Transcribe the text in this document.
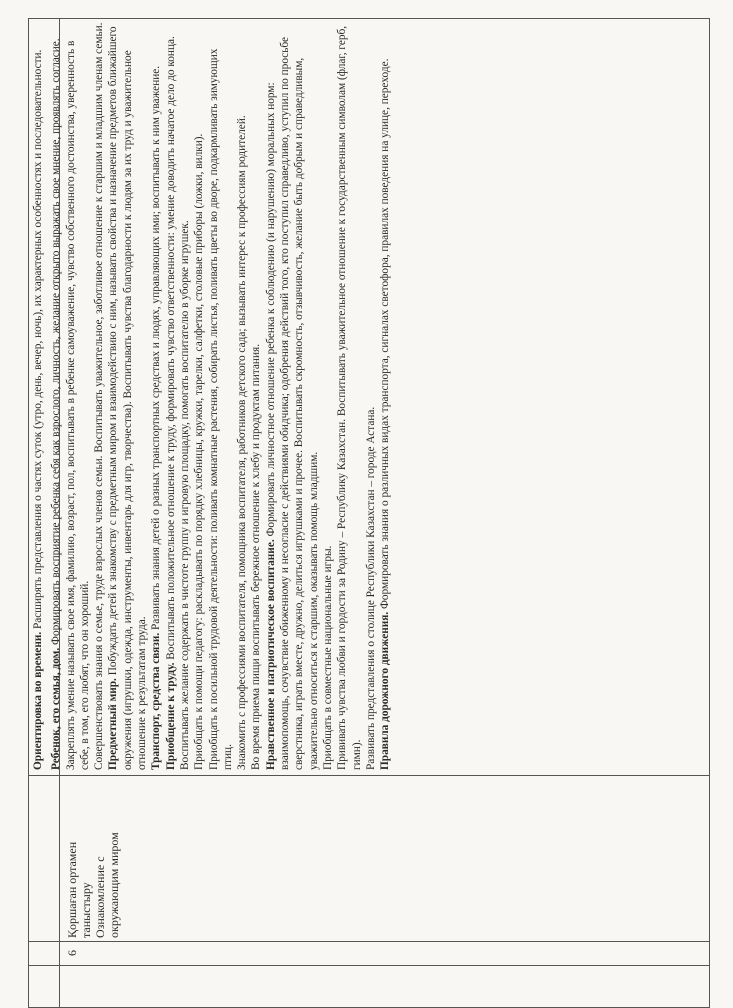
6
Қоршаған ортамен таныстыру Ознакомление с окружающим миром

Ориентировка во времени. Расширять представления о частях суток (утро, день, вечер, ночь), их характерных особенностях и последовательности.

Ребенок, его семья, дом. Формировать восприятие ребенка себя как взрослого, личность, желание открыто выражать свое мнение, проявлять согласие. Закреплять умение называть свое имя, фамилию, возраст, пол, воспитывать в ребенке самоуважение, чувство собственного достоинства, уверенность в себе, в том, его любят, что он хороший. Совершенствовать знания о семье, труде взрослых членов семьи. Воспитывать уважительное, заботливое отношение к старшим и младшим членам семьи. Предметный мир. Побуждать детей к знакомству с предметным миром и взаимодействию с ним, называть свойства и назначение предметов ближайшего окружения (игрушки, одежда, инструменты, инвентарь для игр, творчества). Воспитывать чувства благодарности к людям за их труд и уважительное отношение к результатам труда. Транспорт, средства связи. Развивать знания детей о разных транспортных средствах и людях, управляющих ими; воспитывать к ним уважение.

Приобщение к труду. Воспитывать положительное отношение к труду, формировать чувство ответственности: умение доводить начатое дело до конца. Воспитывать желание содержать в чистоте группу и игровую площадку, помогать воспитателю в уборке игрушек. Приобщать к помощи педагогу: раскладывать по порядку хлебницы, кружки, тарелки, салфетки, столовые приборы (ложки, вилки). Приобщать к посильной трудовой деятельности: поливать комнатные растения, собирать листья, поливать цветы во дворе, подкармливать зимующих птиц. Знакомить с профессиями воспитателя, помощника воспитателя, работников детского сада; вызывать интерес к профессиям родителей. Во время приема пищи воспитывать бережное отношение к хлебу и продуктам питания. Нравственное и патриотическое воспитание. Формировать личностное отношение ребенка к соблюдению (и нарушению) моральных норм: взаимопомощь, сочувствие обиженному и несогласие с действиями обидчика; одобрения действий того, кто поступил справедливо, уступил по просьбе сверстника, играть вместе, дружно, делиться игрушками и прочее. Воспитывать скромность, отзывчивость, желание быть добрым и справедливым, уважительно относиться к старшим, оказывать помощь младшим. Приобщать в совместные национальные игры. Прививать чувства любви и гордости за Родину – Республику Казахстан. Воспитывать уважительное отношение к государственным символам (флаг, герб, гимн). Развивать представления о столице Республики Казахстан – городе Астана. Правила дорожного движения. Формировать знания о различных видах транспорта, сигналах светофора, правилах поведения на улице, переходе.
